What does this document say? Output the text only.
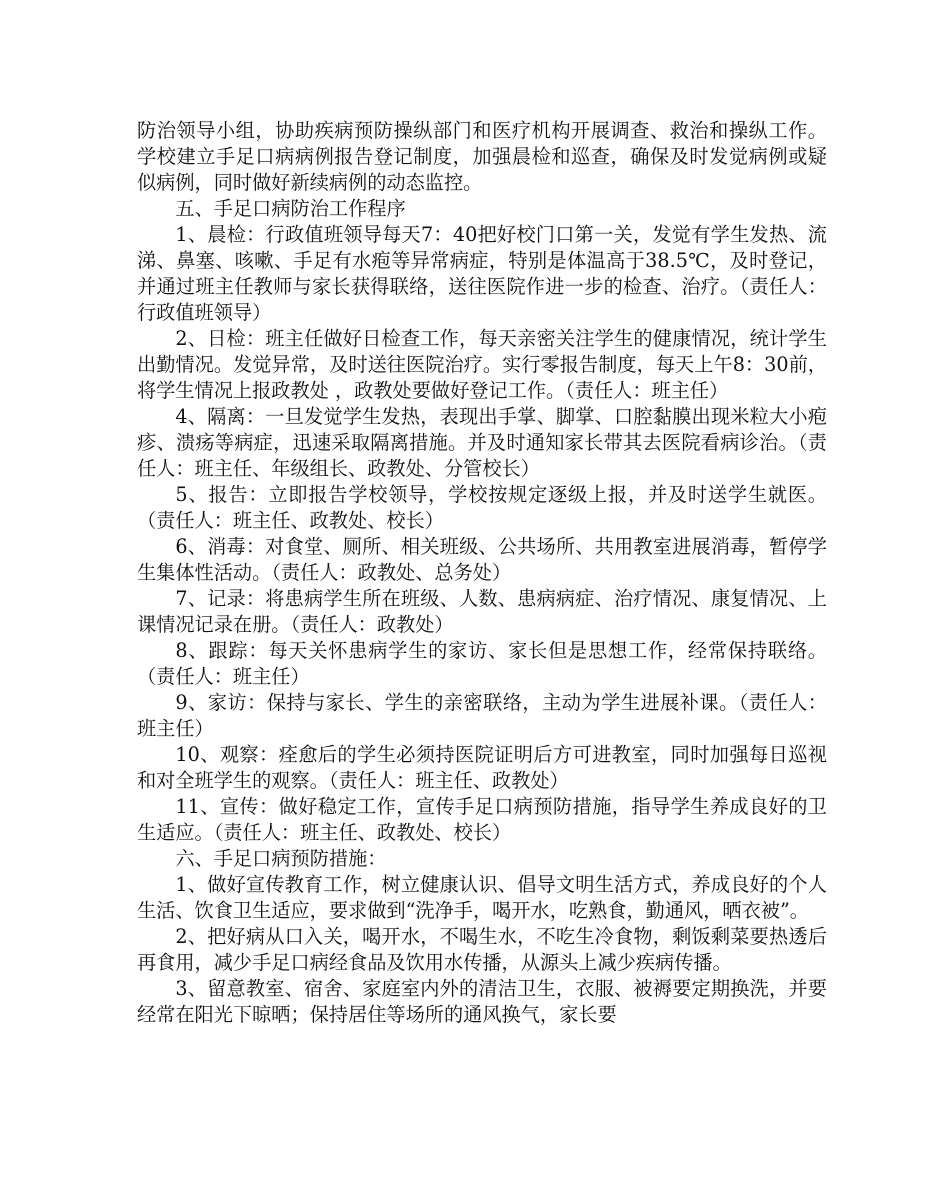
防治领导小组，协助疾病预防操纵部门和医疗机构开展调查、救治和操纵工作。学校建立手足口病病例报告登记制度，加强晨检和巡查，确保及时发觉病例或疑似病例，同时做好新续病例的动态监控。

五、手足口病防治工作程序

1、晨检：行政值班领导每天7：40把好校门口第一关，发觉有学生发热、流涕、鼻塞、咳嗽、手足有水疱等异常病症，特别是体温高于38.5℃，及时登记，并通过班主任教师与家长获得联络，送往医院作进一步的检查、治疗。（责任人：行政值班领导）

2、日检：班主任做好日检查工作，每天亲密关注学生的健康情况，统计学生出勤情况。发觉异常，及时送往医院治疗。实行零报告制度，每天上午8：30前，将学生情况上报政教处 ，政教处要做好登记工作。（责任人：班主任）

4、隔离：一旦发觉学生发热，表现出手掌、脚掌、口腔黏膜出现米粒大小疱疹、溃疡等病症，迅速采取隔离措施。并及时通知家长带其去医院看病诊治。（责任人：班主任、年级组长、政教处、分管校长）

5、报告：立即报告学校领导，学校按规定逐级上报，并及时送学生就医。（责任人：班主任、政教处、校长）

6、消毒：对食堂、厕所、相关班级、公共场所、共用教室进展消毒，暂停学生集体性活动。（责任人：政教处、总务处）

7、记录：将患病学生所在班级、人数、患病病症、治疗情况、康复情况、上课情况记录在册。（责任人：政教处）

8、跟踪：每天关怀患病学生的家访、家长但是思想工作，经常保持联络。（责任人：班主任）

9、家访：保持与家长、学生的亲密联络，主动为学生进展补课。（责任人：班主任）

10、观察：痊愈后的学生必须持医院证明后方可进教室，同时加强每日巡视和对全班学生的观察。（责任人：班主任、政教处）

11、宣传：做好稳定工作，宣传手足口病预防措施，指导学生养成良好的卫生适应。（责任人：班主任、政教处、校长）

六、手足口病预防措施：

1、做好宣传教育工作，树立健康认识、倡导文明生活方式，养成良好的个人生活、饮食卫生适应，要求做到“洗净手，喝开水，吃熟食，勤通风，晒衣被”。

2、把好病从口入关，喝开水，不喝生水，不吃生冷食物，剩饭剩菜要热透后再食用，减少手足口病经食品及饮用水传播，从源头上减少疾病传播。

3、留意教室、宿舍、家庭室内外的清洁卫生，衣服、被褥要定期换洗，并要经常在阳光下晾晒；保持居住等场所的通风换气，家长要
